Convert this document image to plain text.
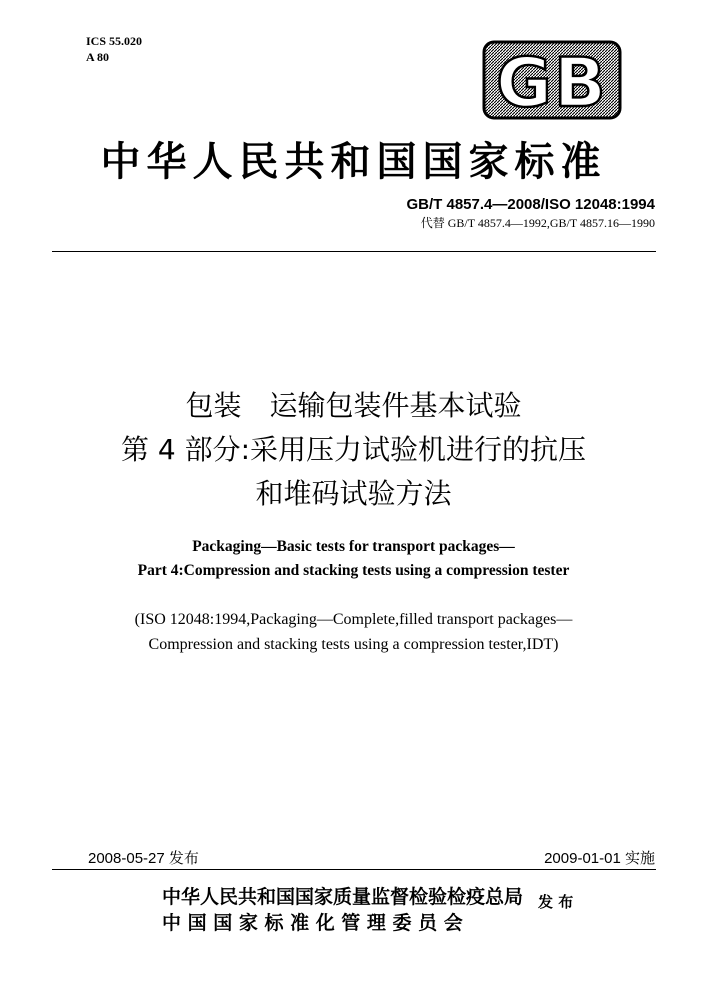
ICS 55.020
A 80	GB
中华人民共和国国家标准
GB/T 4857.4—2008/ISO 12048:1994
代替 GB/T 4857.4—1992,GB/T 4857.16—1990
包装　运输包装件基本试验
第 4 部分:采用压力试验机进行的抗压
和堆码试验方法
Packaging—Basic tests for transport packages—
Part 4:Compression and stacking tests using a compression tester
(ISO 12048:1994,Packaging—Complete,filled transport packages—
Compression and stacking tests using a compression tester,IDT)
2008-05-27 发布	2009-01-01 实施
中华人民共和国国家质量监督检验检疫总局
中 国 国 家 标 准 化 管 理 委 员 会
发 布
